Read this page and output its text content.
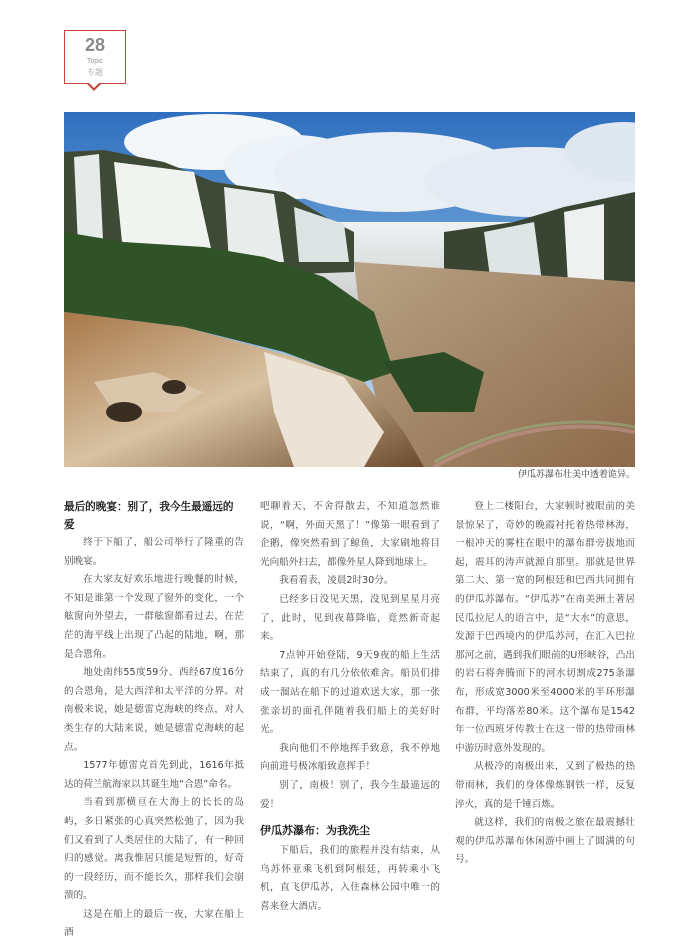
28
Topic
专题
伊瓜苏瀑布壮美中透着诡异。
最后的晚宴：别了，我今生最遥远的爱

终于下船了，船公司举行了隆重的告别晚宴。

在大家友好欢乐地进行晚餐的时候，不知是谁第一个发现了窗外的变化，一个舷窗向外望去，一群舷窗都看过去，在茫茫的海平线上出现了凸起的陆地，啊，那是合恩角。

地处南纬55度59分、西经67度16分的合恩角，是大西洋和太平洋的分界。对南极来说，她是德雷克海峡的终点，对人类生存的大陆来说，她是德雷克海峡的起点。

1577年德雷克首先到此，1616年抵达的荷兰航海家以其诞生地“合恩”命名。

当看到那横亘在大海上的长长的岛屿，多日紧张的心真突然松弛了，因为我们又看到了人类居住的大陆了，有一种回归的感觉。离我惟居只能是短暂的，好奇的一段经历，而不能长久，那样我们会崩溃的。

这是在船上的最后一夜，大家在船上酒

吧聊着天，不舍得散去，不知道忽然谁说，“啊，外面天黑了！”像第一眼看到了企鹅，像突然看到了鲸鱼，大家刷地将目光向船外扫去，都像外星人降到地球上。

我看看表，凌晨2时30分。

已经多日没见天黑，没见到星星月亮了，此时，见到夜幕降临，竟然新奇起来。

7点钟开始登陆，9天9夜的船上生活结束了，真的有几分依依难舍。船员们排成一溜站在船下的过道欢送大家，那一张张亲切的面孔伴随着我们船上的美好时光。

我向他们不停地挥手致意，我不停地向前进号极冰船致意挥手！

别了，南极！别了，我今生最遥远的爱！

伊瓜苏瀑布：为我洗尘

下船后，我们的旅程并没有结束，从乌苏怀亚乘飞机到阿根廷，再转乘小飞机，直飞伊瓜苏，入住森林公园中唯一的喜来登大酒店。

登上二楼阳台，大家顿时被眼前的美景惊呆了，奇妙的晚霞衬托着热带林海，一根冲天的雾柱在眼中的瀑布群旁拔地而起，震耳的涛声就源自那里。那就是世界第二大、第一宽的阿根廷和巴西共同拥有的伊瓜苏瀑布。“伊瓜苏”在南美洲土著居民瓜拉尼人的语言中，是“大水”的意思，发源于巴西境内的伊瓜苏河，在汇入巴拉那河之前，遇到我们眼前的U形峡谷，凸出的岩石将奔腾而下的河水切割成275条瀑布，形成宽3000米至4000米的半环形瀑布群，平均落差80米。这个瀑布是1542年一位西班牙传教士在这一带的热带雨林中游历时意外发现的。

从极冷的南极出来，又到了极热的热带雨林，我们的身体像炼钢铁一样，反复淬火，真的是千锤百炼。

就这样，我们的南极之旅在最震撼壮观的伊瓜苏瀑布休闲游中画上了圆满的句号。
